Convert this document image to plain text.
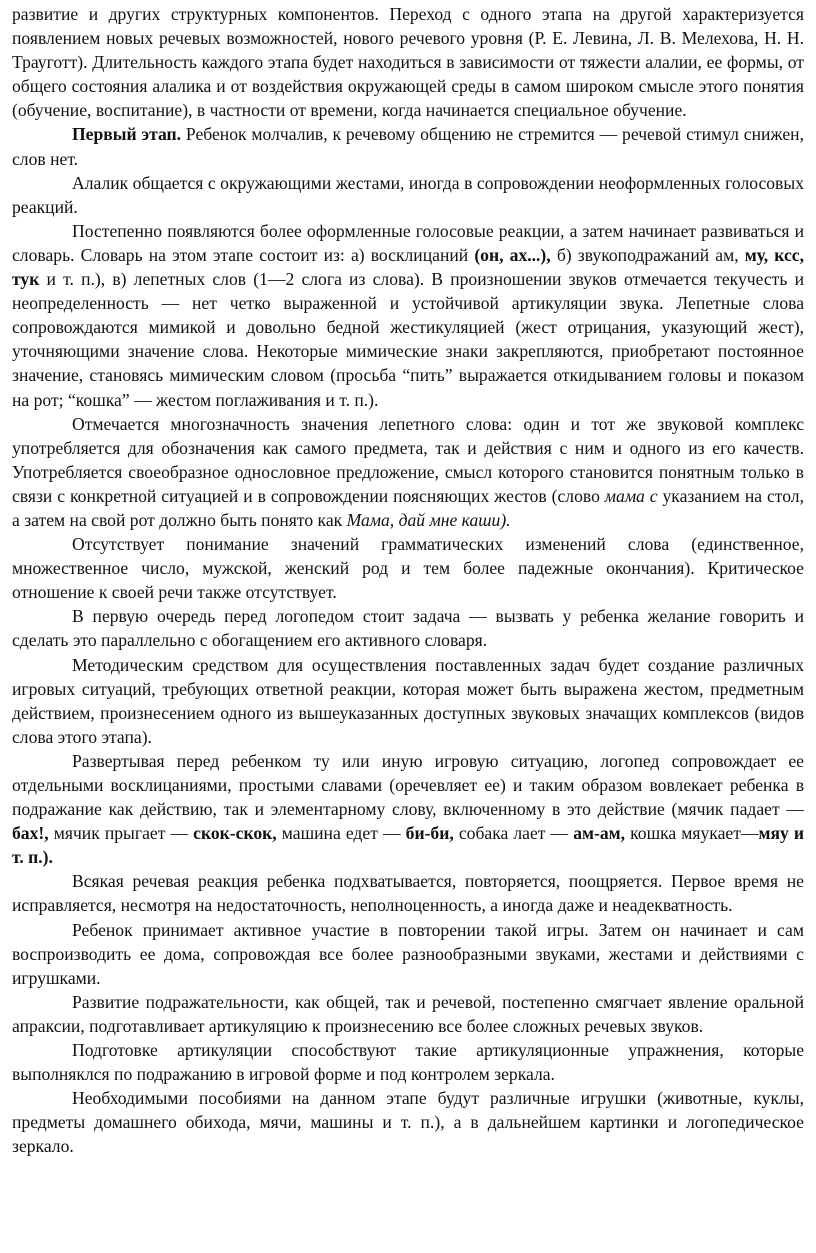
развитие и других структурных компонентов. Переход с одного этапа на другой характеризуется появлением новых речевых возможностей, нового речевого уровня (Р. Е. Левина, Л. В. Мелехова, Н. Н. Трауготт). Длительность каждого этапа будет находиться в зависимости от тяжести алалии, ее формы, от общего состояния алалика и от воздействия окружающей среды в самом широком смысле этого понятия (обучение, воспитание), в частности от времени, когда начинается специальное обучение.

Первый этап. Ребенок молчалив, к речевому общению не стремится — речевой стимул снижен, слов нет.

Алалик общается с окружающими жестами, иногда в сопровождении неоформленных голосовых реакций.

Постепенно появляются более оформленные голосовые реакции, а затем начинает развиваться и словарь. Словарь на этом этапе состоит из: а) восклицаний (он, ах...), б) звукоподражаний ам, му, ксс, тук и т. п.), в) лепетных слов (1—2 слога из слова). В произношении звуков отмечается текучесть и неопределенность — нет четко выраженной и устойчивой артикуляции звука. Лепетные слова сопровождаются мимикой и довольно бедной жестикуляцией (жест отрицания, указующий жест), уточняющими значение слова. Некоторые мимические знаки закрепляются, приобретают постоянное значение, становясь мимическим словом (просьба “пить” выражается откидыванием головы и показом на рот; “кошка” — жестом поглаживания и т. п.).

Отмечается многозначность значения лепетного слова: один и тот же звуковой комплекс употребляется для обозначения как самого предмета, так и действия с ним и одного из его качеств. Употребляется своеобразное однословное предложение, смысл которого становится понятным только в связи с конкретной ситуацией и в сопровождении поясняющих жестов (слово мама с указанием на стол, а затем на свой рот должно быть понято как Мама, дай мне каши).

Отсутствует понимание значений грамматических изменений слова (единственное, множественное число, мужской, женский род и тем более падежные окончания). Критическое отношение к своей речи также отсутствует.

В первую очередь перед логопедом стоит задача — вызвать у ребенка желание говорить и сделать это параллельно с обогащением его активного словаря.

Методическим средством для осуществления поставленных задач будет создание различных игровых ситуаций, требующих ответной реакции, которая может быть выражена жестом, предметным действием, произнесением одного из вышеуказанных доступных звуковых значащих комплексов (видов слова этого этапа).

Развертывая перед ребенком ту или иную игровую ситуацию, логопед сопровождает ее отдельными восклицаниями, простыми славами (оречевляет ее) и таким образом вовлекает ребенка в подражание как действию, так и элементарному слову, включенному в это действие (мячик падает — бах!, мячик прыгает — скок-скок, машина едет — би-би, собака лает — ам-ам, кошка мяукает—мяу и т. п.).

Всякая речевая реакция ребенка подхватывается, повторяется, поощряется. Первое время не исправляется, несмотря на недостаточность, неполноценность, а иногда даже и неадекватность.

Ребенок принимает активное участие в повторении такой игры. Затем он начинает и сам воспроизводить ее дома, сопровождая все более разнообразными звуками, жестами и действиями с игрушками.

Развитие подражательности, как общей, так и речевой, постепенно смягчает явление оральной апраксии, подготавливает артикуляцию к произнесению все более сложных речевых звуков.

Подготовке артикуляции способствуют такие артикуляционные упражнения, которые выполняклся по подражанию в игровой форме и под контролем зеркала.

Необходимыми пособиями на данном этапе будут различные игрушки (животные, куклы, предметы домашнего обихода, мячи, машины и т. п.), а в дальнейшем картинки и логопедическое зеркало.
